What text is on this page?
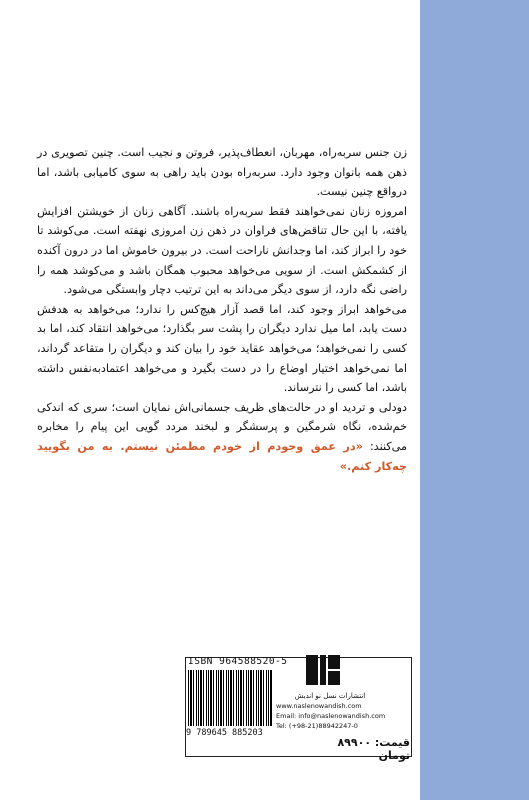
زن جنس سربه‌راه، مهربان، انعطاف‌پذیر، فروتن و نجیب است. چنین تصویری در ذهن همه بانوان وجود دارد. سربه‌راه بودن باید راهی به سوی کامیابی باشد، اما درواقع چنین نیست.

امروزه زنان نمی‌خواهند فقط سربه‌راه باشند. آگاهی زنان از خویشتن افزایش یافته، با این حال تناقض‌های فراوان در ذهن زن امروزی نهفته است. می‌کوشد تا خود را ابراز کند، اما وجدانش ناراحت است. در بیرون خاموش اما در درون آکنده از کشمکش است. از سویی می‌خواهد محبوب همگان باشد و می‌کوشد همه را راضی نگه دارد، از سوی دیگر می‌داند به این ترتیب دچار وابستگی می‌شود.

می‌خواهد ابراز وجود کند، اما قصد آزار هیچ‌کس را ندارد؛ می‌خواهد به هدفش دست یابد، اما میل ندارد دیگران را پشت سر بگذارد؛ می‌خواهد انتقاد کند، اما بد کسی را نمی‌خواهد؛ می‌خواهد عقاید خود را بیان کند و دیگران را متقاعد گرداند، اما نمی‌خواهد اختیار اوضاع را در دست بگیرد و می‌خواهد اعتمادبه‌نفس داشته باشد، اما کسی را نترساند.

دودلی و تردید او در حالت‌های ظریف جسمانی‌اش نمایان است؛ سری که اندکی خم‌شده، نگاه شرمگین و پرسشگر و لبخند مردد گویی این پیام را مخابره می‌کنند: «در عمق وجودم از خودم مطمئن نیستم. به من بگویید چه‌کار کنم.»

ISBN 964588520-5
9 789645 885203
انتشارات نسل نو اندیش
www.naslenowandish.com
Email: info@naslenowandish.com
Tel: (+98-21)88942247-0
قیمت: ۸۹۹۰۰ تومان
